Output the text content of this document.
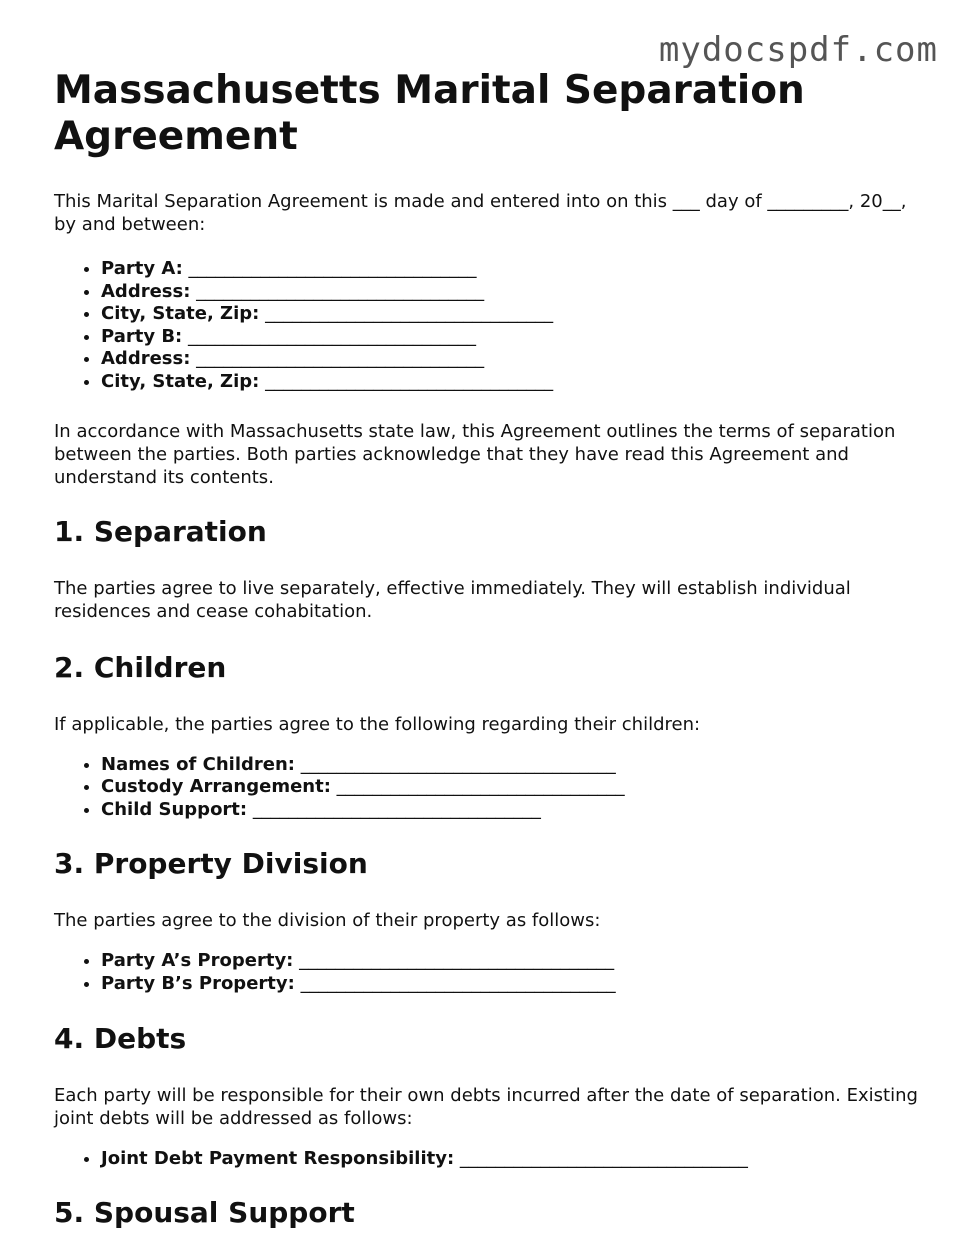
mydocspdf.com
Massachusetts Marital Separation Agreement

This Marital Separation Agreement is made and entered into on this ___ day of _________, 20__, by and between:

• Party A: ________________________________
• Address: ________________________________
• City, State, Zip: ________________________________
• Party B: ________________________________
• Address: ________________________________
• City, State, Zip: ________________________________

In accordance with Massachusetts state law, this Agreement outlines the terms of separation between the parties. Both parties acknowledge that they have read this Agreement and understand its contents.

1. Separation

The parties agree to live separately, effective immediately. They will establish individual residences and cease cohabitation.

2. Children

If applicable, the parties agree to the following regarding their children:

• Names of Children: ___________________________________
• Custody Arrangement: ________________________________
• Child Support: ________________________________
3. Property Division

The parties agree to the division of their property as follows:

• Party A’s Property: ___________________________________
• Party B’s Property: ___________________________________
4. Debts

Each party will be responsible for their own debts incurred after the date of separation. Existing joint debts will be addressed as follows:

• Joint Debt Payment Responsibility: ________________________________
5. Spousal Support
